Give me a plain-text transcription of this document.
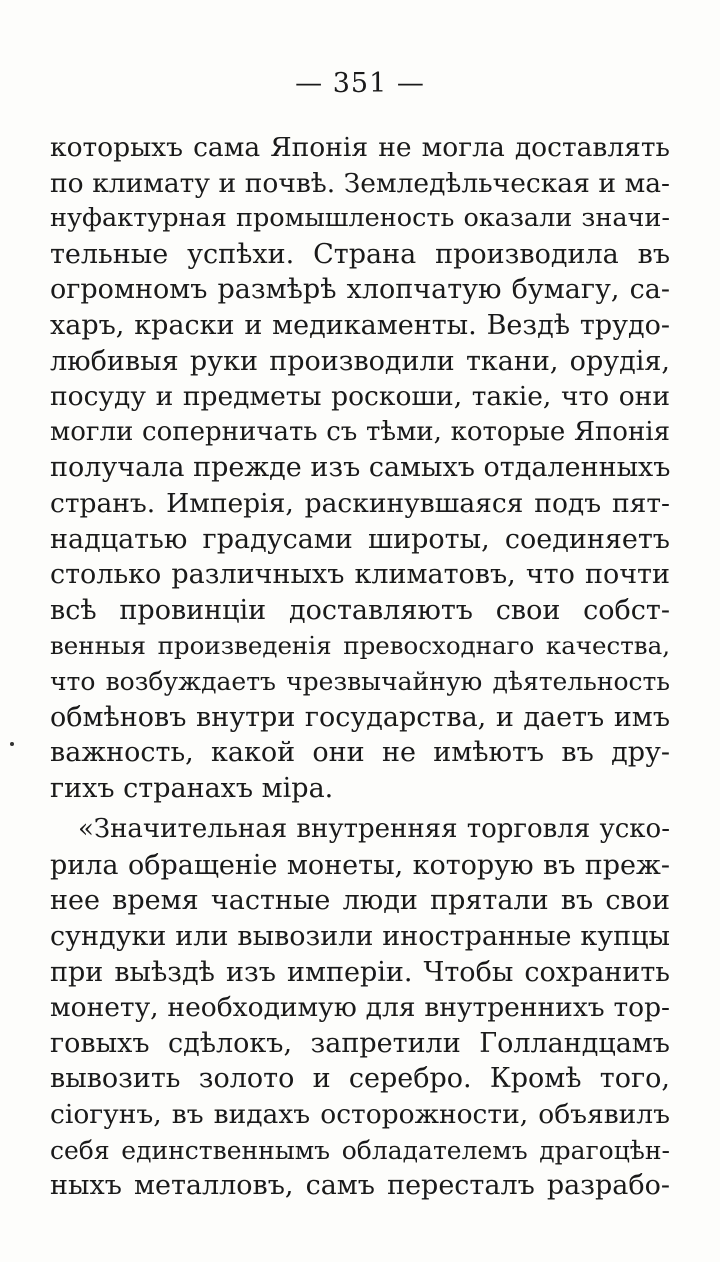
— 351 —
которыхъ сама Японія не могла доставлять
по климату и почвѣ. Земледѣльческая и ма-
нуфактурная промышленость оказали значи-
тельные успѣхи. Страна производила въ
огромномъ размѣрѣ хлопчатую бумагу, са-
харъ, краски и медикаменты. Вездѣ трудо-
любивыя руки производили ткани, орудія,
посуду и предметы роскоши, такіе, что они
могли соперничать съ тѣми, которые Японія
получала прежде изъ самыхъ отдаленныхъ
странъ. Имперія, раскинувшаяся подъ пят-
надцатью градусами широты, соединяетъ
столько различныхъ климатовъ, что почти
всѣ провинціи доставляютъ свои собст-
венныя произведенія превосходнаго качества,
что возбуждаетъ чрезвычайную дѣятельность
обмѣновъ внутри государства, и даетъ имъ
важность, какой они не имѣютъ въ дру-
гихъ странахъ міра.
«Значительная внутренняя торговля уско-
рила обращеніе монеты, которую въ преж-
нее время частные люди прятали въ свои
сундуки или вывозили иностранные купцы
при выѣздѣ изъ имперіи. Чтобы сохранить
монету, необходимую для внутреннихъ тор-
говыхъ сдѣлокъ, запретили Голландцамъ
вывозить золото и серебро. Кромѣ того,
сіогунъ, въ видахъ осторожности, объявилъ
себя единственнымъ обладателемъ драгоцѣн-
ныхъ металловъ, самъ пересталъ разрабо-
